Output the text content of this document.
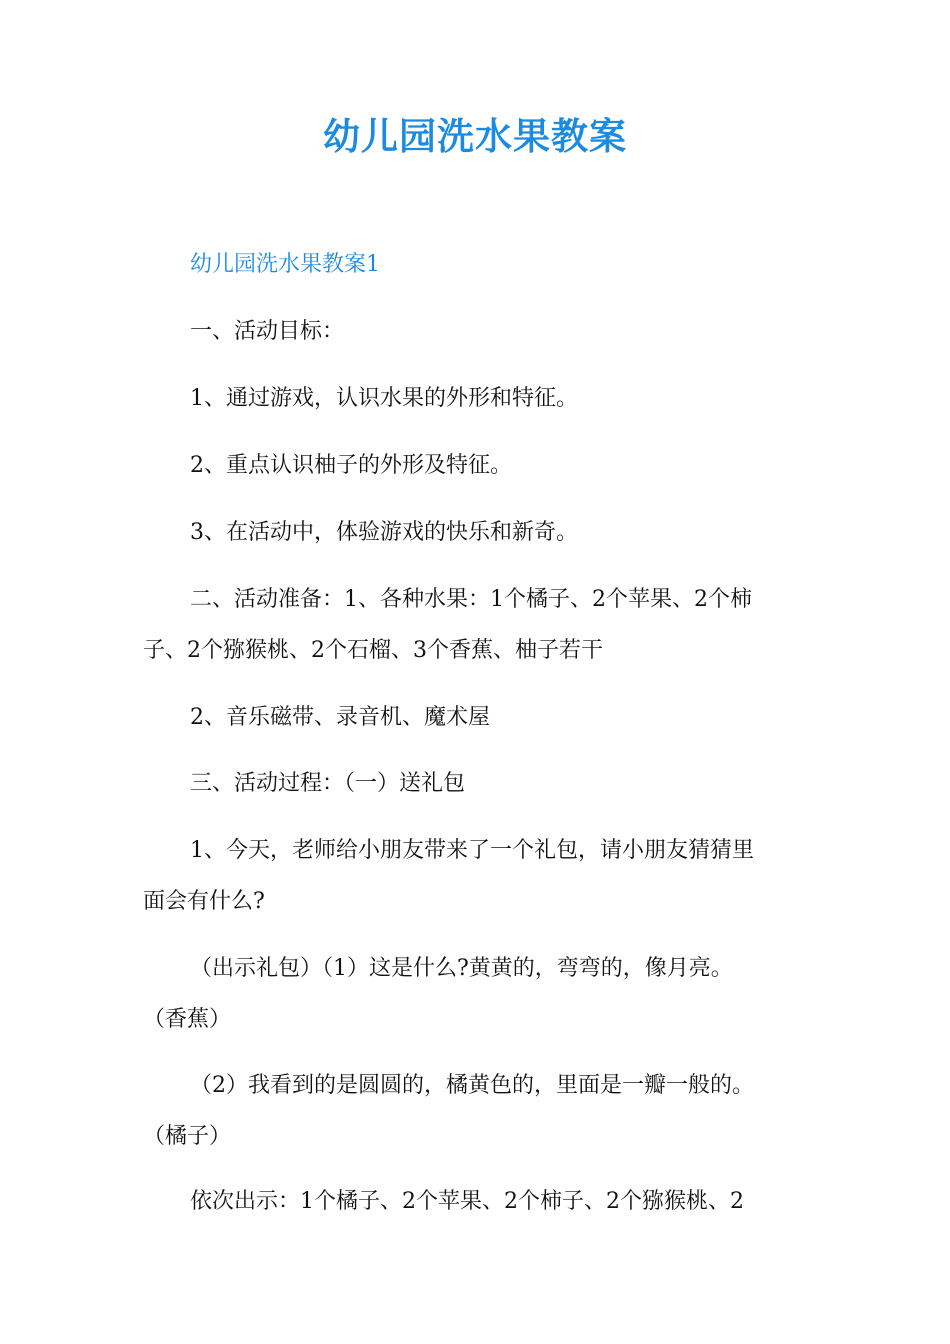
幼儿园洗水果教案
幼儿园洗水果教案1
一、活动目标：
1、通过游戏，认识水果的外形和特征。
2、重点认识柚子的外形及特征。
3、在活动中，体验游戏的快乐和新奇。
二、活动准备：1、各种水果：1个橘子、2个苹果、2个柿
子、2个猕猴桃、2个石榴、3个香蕉、柚子若干
2、音乐磁带、录音机、魔术屋
三、活动过程：（一）送礼包
1、今天，老师给小朋友带来了一个礼包，请小朋友猜猜里
面会有什么?
（出示礼包）（1）这是什么?黄黄的，弯弯的，像月亮。
（香蕉）
（2）我看到的是圆圆的，橘黄色的，里面是一瓣一般的。
（橘子）
依次出示：1个橘子、2个苹果、2个柿子、2个猕猴桃、2
